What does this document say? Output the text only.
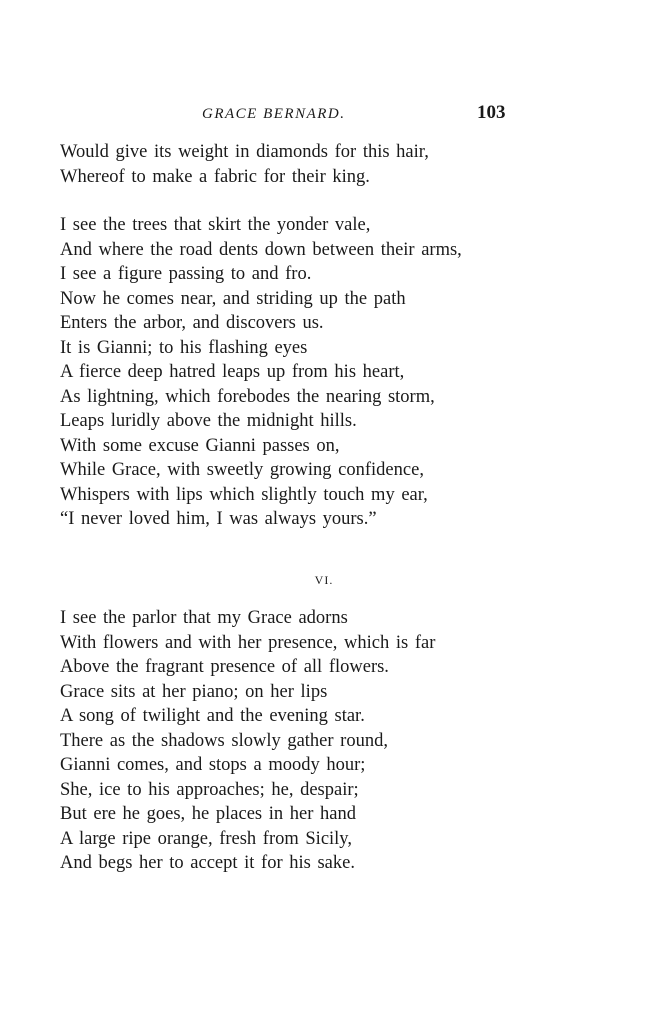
GRACE BERNARD.	103
Would give its weight in diamonds for this hair,
Whereof to make a fabric for their king.
I see the trees that skirt the yonder vale,
And where the road dents down between their arms,
I see a figure passing to and fro.
Now he comes near, and striding up the path
Enters the arbor, and discovers us.
It is Gianni; to his flashing eyes
A fierce deep hatred leaps up from his heart,
As lightning, which forebodes the nearing storm,
Leaps luridly above the midnight hills.
With some excuse Gianni passes on,
While Grace, with sweetly growing confidence,
Whispers with lips which slightly touch my ear,
“I never loved him, I was always yours.”
VI.
I see the parlor that my Grace adorns
With flowers and with her presence, which is far
Above the fragrant presence of all flowers.
Grace sits at her piano; on her lips
A song of twilight and the evening star.
There as the shadows slowly gather round,
Gianni comes, and stops a moody hour;
She, ice to his approaches; he, despair;
But ere he goes, he places in her hand
A large ripe orange, fresh from Sicily,
And begs her to accept it for his sake.
